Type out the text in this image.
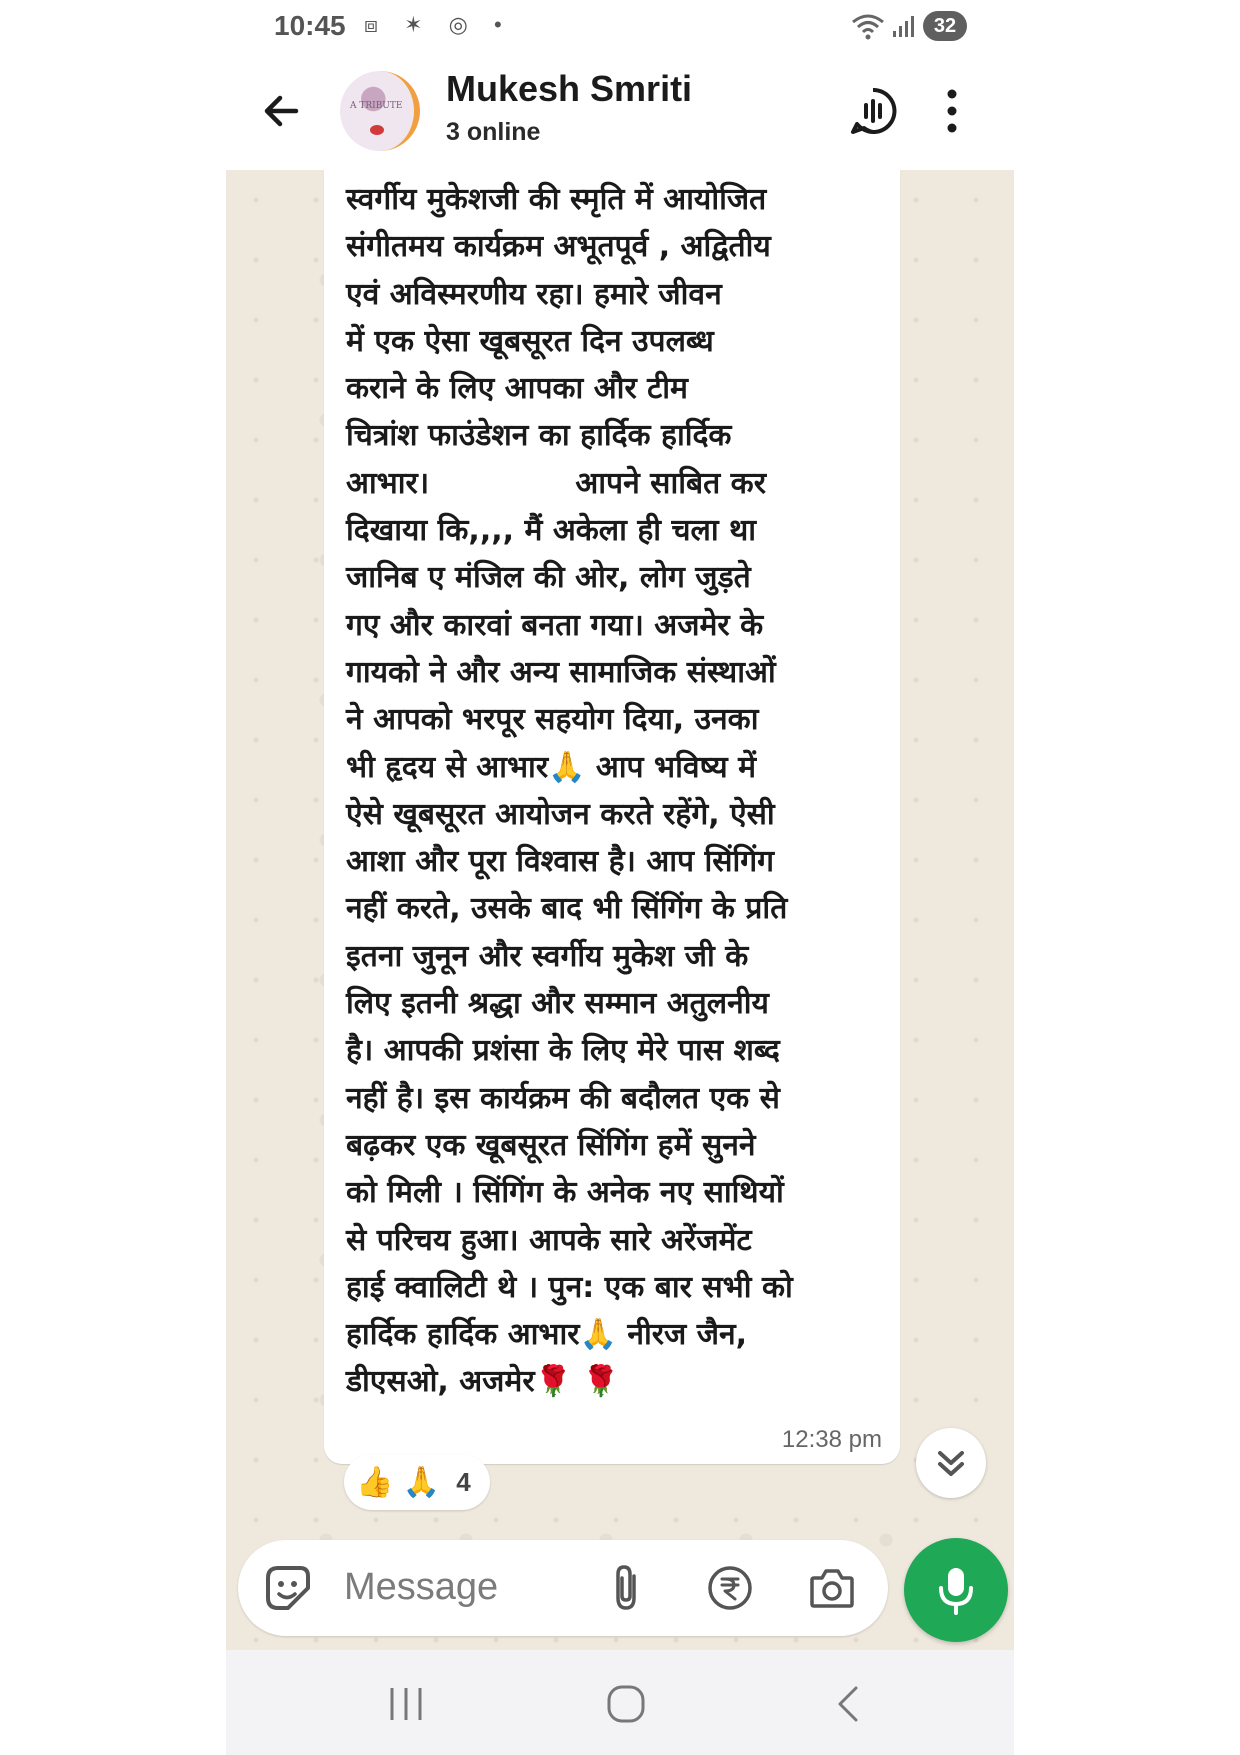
10:45 ⧈ ✶ ◎ •	32
A TRIBUTE Mukesh Smriti
3 online
स्वर्गीय मुकेशजी की स्मृति में आयोजित
संगीतमय कार्यक्रम अभूतपूर्व , अद्वितीय
एवं अविस्मरणीय रहा। हमारे जीवन
में एक ऐसा खूबसूरत दिन उपलब्ध
कराने के लिए आपका और टीम
चित्रांश फाउंडेशन का हार्दिक हार्दिक
आभार।              आपने साबित कर
दिखाया कि,,,, मैं अकेला ही चला था
जानिब ए मंजिल की ओर, लोग जुड़ते
गए और कारवां बनता गया। अजमेर के
गायको ने और अन्य सामाजिक संस्थाओं
ने आपको भरपूर सहयोग दिया, उनका
भी हृदय से आभार🙏 आप भविष्य में
ऐसे खूबसूरत आयोजन करते रहेंगे, ऐसी
आशा और पूरा विश्वास है। आप सिंगिंग
नहीं करते, उसके बाद भी सिंगिंग के प्रति
इतना जुनून और स्वर्गीय मुकेश जी के
लिए इतनी श्रद्धा और सम्मान अतुलनीय
है। आपकी प्रशंसा के लिए मेरे पास शब्द
नहीं है। इस कार्यक्रम की बदौलत एक से
बढ़कर एक खूबसूरत सिंगिंग हमें सुनने
को मिली । सिंगिंग के अनेक नए साथियों
से परिचय हुआ। आपके सारे अरेंजमेंट
हाई क्वालिटी थे । पुन: एक बार सभी को
हार्दिक हार्दिक आभार🙏 नीरज जैन,
डीएसओ, अजमेर🌹 🌹
12:38 pm
👍 🙏 4
Message
